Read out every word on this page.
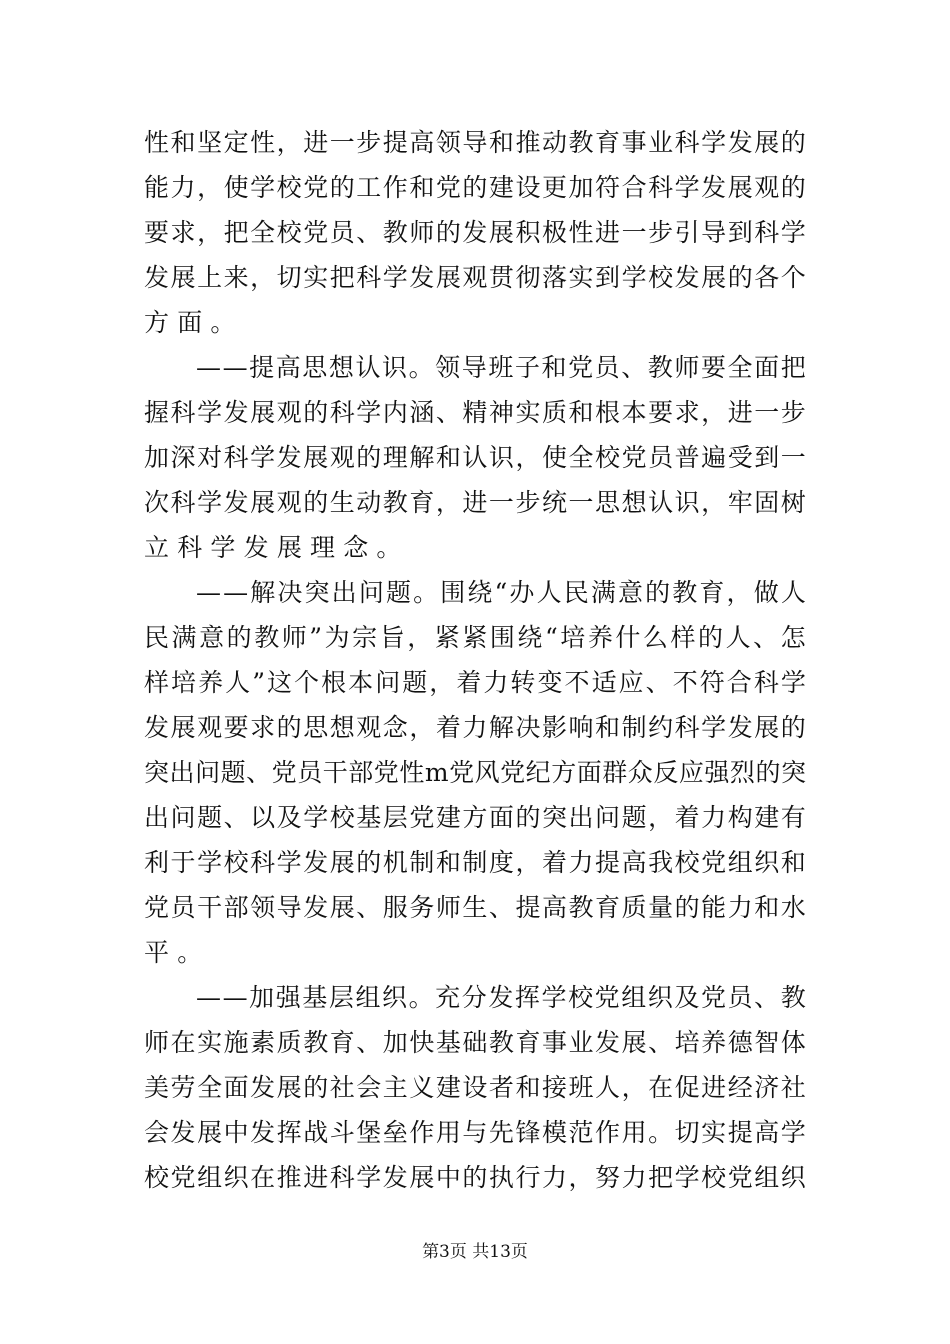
性 和 坚 定 性 ， 进 一 步 提 高 领 导 和 推 动 教 育 事 业 科 学 发 展 的
能 力 ， 使 学 校 党 的 工 作 和 党 的 建 设 更 加 符 合 科 学 发 展 观 的
要 求 ， 把 全 校 党 员 、 教 师 的 发 展 积 极 性 进 一 步 引 导 到 科 学
发 展 上 来 ， 切 实 把 科 学 发 展 观 贯 彻 落 实 到 学 校 发 展 的 各 个
方 面 。
— — 提 高 思 想 认 识 。 领 导 班 子 和 党 员 、 教 师 要 全 面 把
握 科 学 发 展 观 的 科 学 内 涵 、 精 神 实 质 和 根 本 要 求 ， 进 一 步
加 深 对 科 学 发 展 观 的 理 解 和 认 识 ， 使 全 校 党 员 普 遍 受 到 一
次 科 学 发 展 观 的 生 动 教 育 ， 进 一 步 统 一 思 想 认 识 ， 牢 固 树
立 科 学 发 展 理 念 。
— — 解 决 突 出 问 题 。 围 绕 “ 办 人 民 满 意 的 教 育 ， 做 人
民 满 意 的 教 师 ” 为 宗 旨 ， 紧 紧 围 绕 “ 培 养 什 么 样 的 人 、 怎
样 培 养 人 ” 这 个 根 本 问 题 ， 着 力 转 变 不 适 应 、 不 符 合 科 学
发 展 观 要 求 的 思 想 观 念 ， 着 力 解 决 影 响 和 制 约 科 学 发 展 的
突 出 问 题 、 党 员 干 部 党 性 m 党 风 党 纪 方 面 群 众 反 应 强 烈 的 突
出 问 题 、 以 及 学 校 基 层 党 建 方 面 的 突 出 问 题 ， 着 力 构 建 有
利 于 学 校 科 学 发 展 的 机 制 和 制 度 ， 着 力 提 高 我 校 党 组 织 和
党 员 干 部 领 导 发 展 、 服 务 师 生 、 提 高 教 育 质 量 的 能 力 和 水
平 。
— — 加 强 基 层 组 织 。 充 分 发 挥 学 校 党 组 织 及 党 员 、 教
师 在 实 施 素 质 教 育 、 加 快 基 础 教 育 事 业 发 展 、 培 养 德 智 体
美 劳 全 面 发 展 的 社 会 主 义 建 设 者 和 接 班 人 ， 在 促 进 经 济 社
会 发 展 中 发 挥 战 斗 堡 垒 作 用 与 先 锋 模 范 作 用 。 切 实 提 高 学
校 党 组 织 在 推 进 科 学 发 展 中 的 执 行 力 ， 努 力 把 学 校 党 组 织
第3页 共13页
